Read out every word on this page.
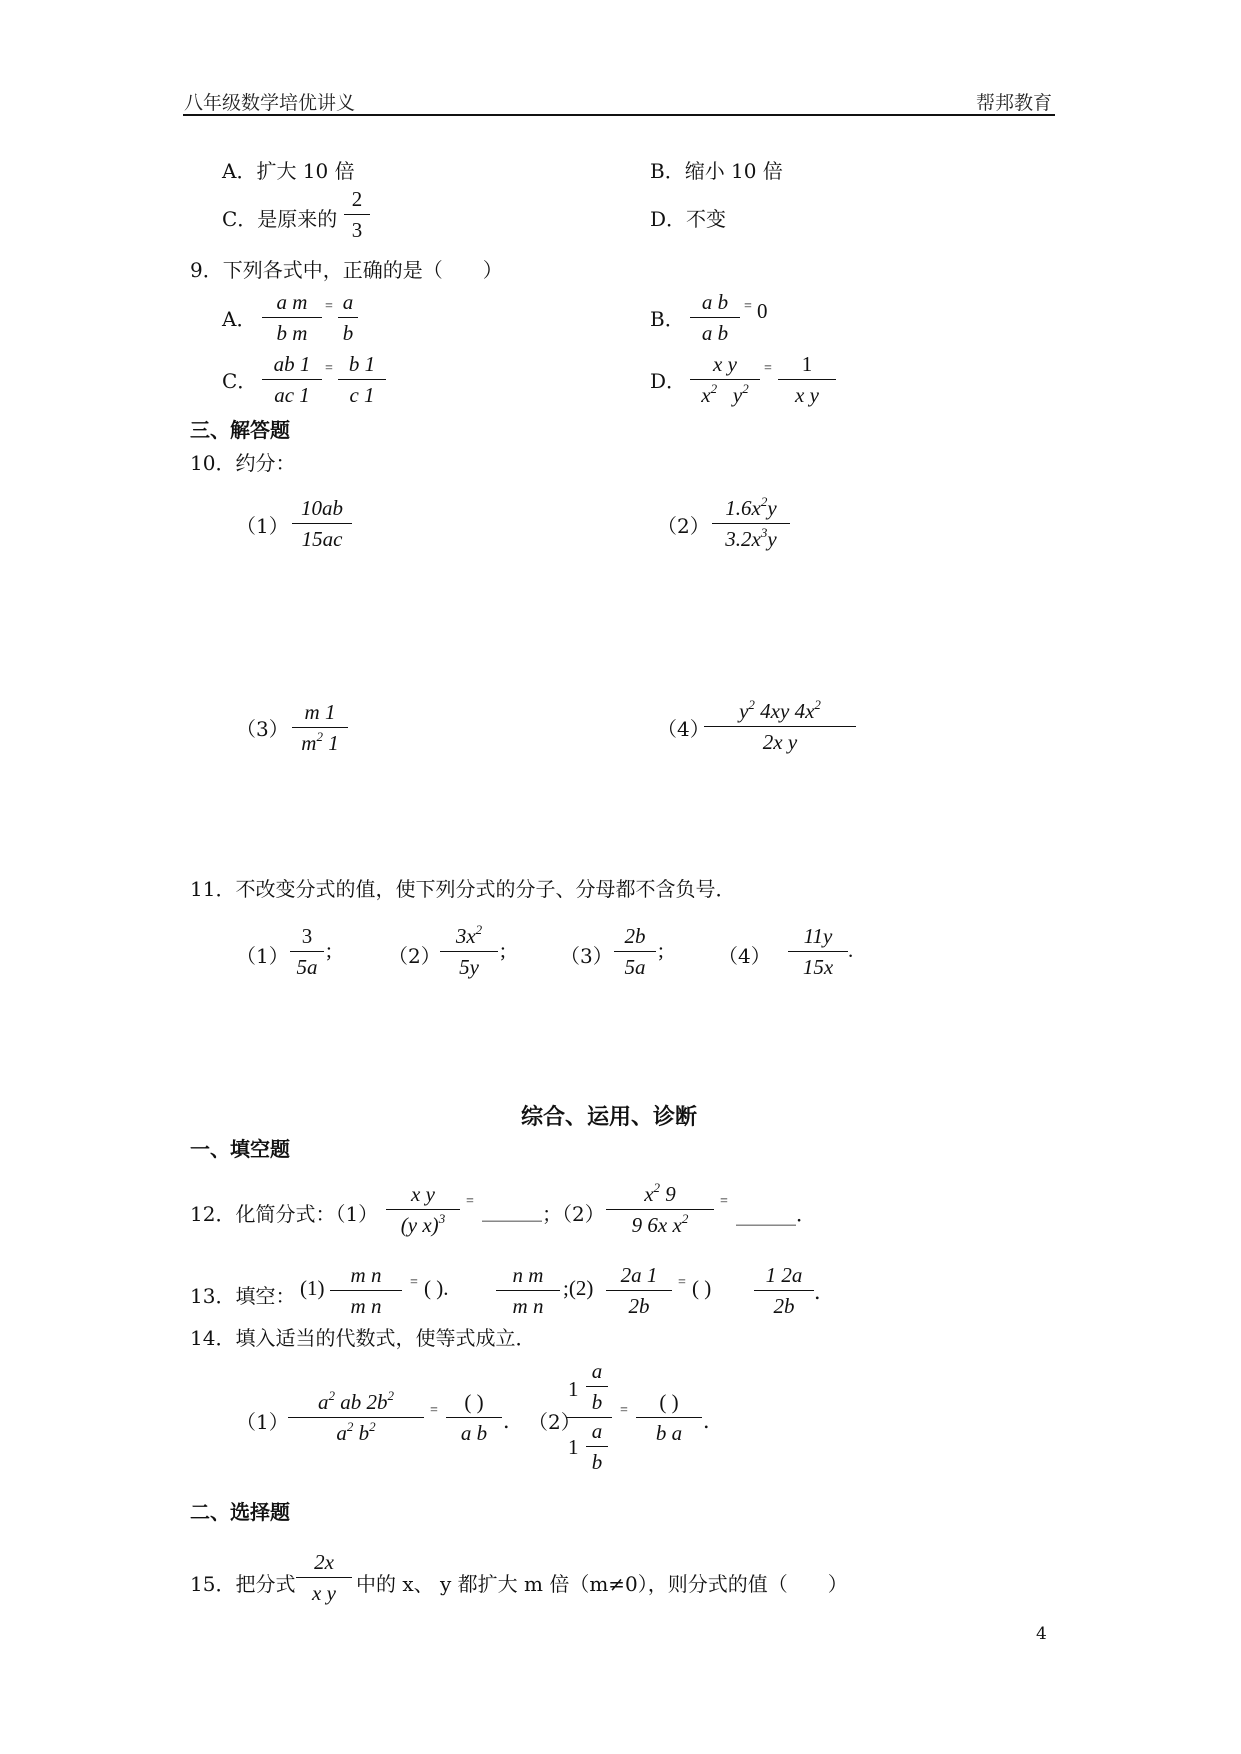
八年级数学培优讲义	帮邦教育
A．扩大 10 倍	B．缩小 10 倍
C．是原来的
2
3	D．不变
9．下列各式中，正确的是（　　）
A．
a m
b m
= a
b
B．
a b
a b
= 0
C．
ab 1
ac 1
= b 1
c 1
D．
x y
$x^2$ $y^2$
=	1
x y
三、解答题
10．约分：
（1）
10ab
15ac
（2）
$1.6x^2y$
$3.2x^3y$
（3）
m 1
$m^2$ 1
（4）
$y^2$ 4xy $4x^2$
2x y
11．不改变分式的值，使下列分式的分子、分母都不含负号．
（1）
3
5a
;	（2）
$3x^2$
5y
;	（3）
2b
5a
;	（4）
11y
15x
.
综合、运用、诊断
一、填空题
12．化简分式：（1）
x y
(y x)$^3$
= ______ ；（2）
$x^2$ 9
9 6x $x^2$
=
______．
13．填空： (1)
m n
m n
= ( ).
n m
m n
;(2)
2a 1
2b
= ( )
1 2a
2b
．
14．填入适当的代数式，使等式成立．
（1）
$a^2$ ab $2b^2$
$a^2$ $b^2$
=	( )
a b ． （2）
1
a
b
1
a
b
=	( )
b a ．
二、选择题
15．把分式
2x
x y	中的 x、 y 都扩大 m 倍（m≠0），则分式的值（　　）
4
